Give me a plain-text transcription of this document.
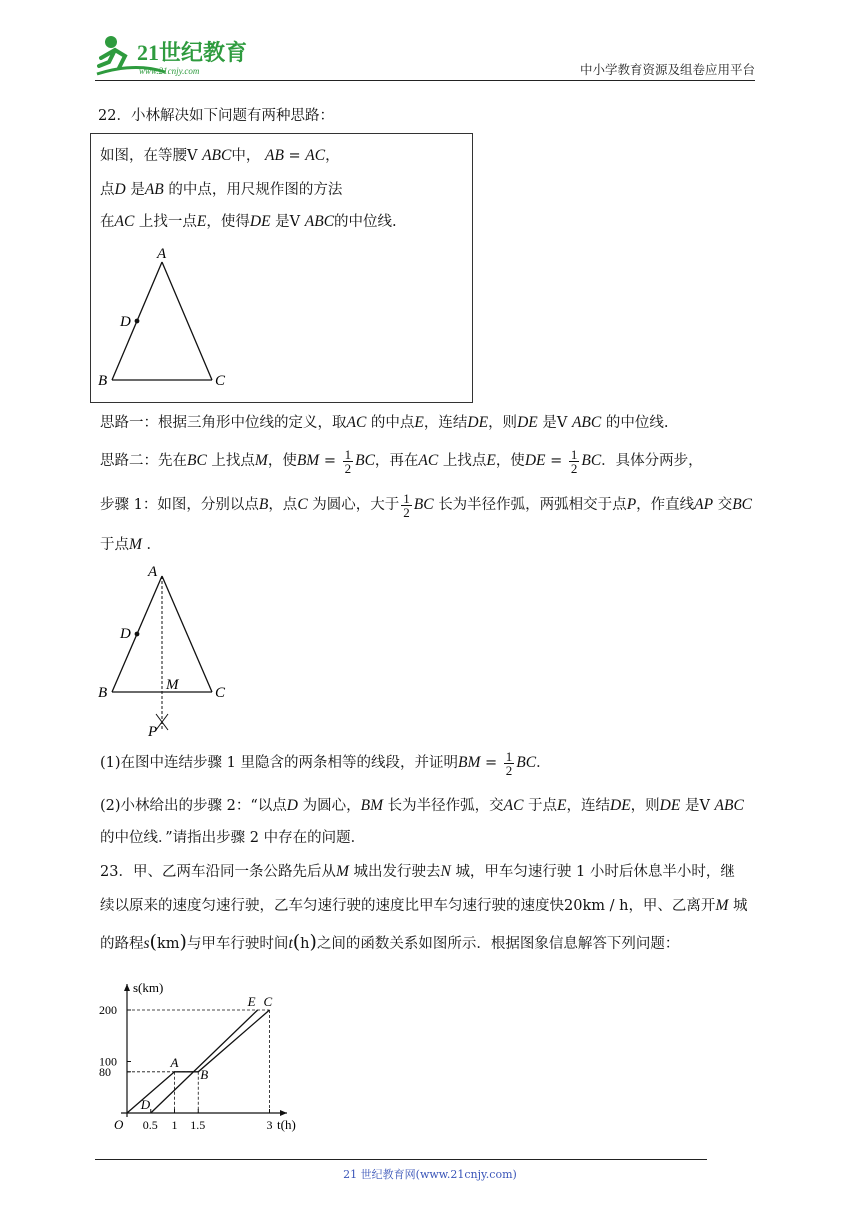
21世纪教育
www.21cnjy.com	中小学教育资源及组卷应用平台
22．小林解决如下问题有两种思路：
如图，在等腰V ABC中， AB = AC，
点D 是AB 的中点，用尺规作图的方法
在AC 上找一点E，使得DE 是V ABC的中位线.
A
B	C
D
思路一：根据三角形中位线的定义，取AC 的中点E，连结DE，则DE 是V ABC 的中位线.
思路二：先在BC 上找点M，使BM = $\frac{1}{2}$ BC，再在AC 上找点E，使DE = $\frac{1}{2}$ BC．具体分两步，
步骤 1：如图，分别以点B，点C 为圆心，大于 $\frac{1}{2}$ BC 长为半径作弧，两弧相交于点P，作直线AP 交BC
于点M ．
A
B	C
D
M
P
(1)在图中连结步骤 1 里隐含的两条相等的线段，并证明BM = $\frac{1}{2}$ BC．
(2)小林给出的步骤 2：“以点D 为圆心，BM 长为半径作弧，交AC 于点E，连结DE，则DE 是V ABC
的中位线．”请指出步骤 2 中存在的问题．
23．甲、乙两车沿同一条公路先后从M 城出发行驶去N 城，甲车匀速行驶 1 小时后休息半小时，继
续以原来的速度匀速行驶，乙车匀速行驶的速度比甲车匀速行驶的速度快20km / h，甲、乙离开M 城
的路程s(km)与甲车行驶时间t(h)之间的函数关系如图所示．根据图象信息解答下列问题：
200
100
80
0.5 1 1.5	3
s(km)
t(h)
O
A
B
D
E C
21 世纪教育网(www.21cnjy.com)
